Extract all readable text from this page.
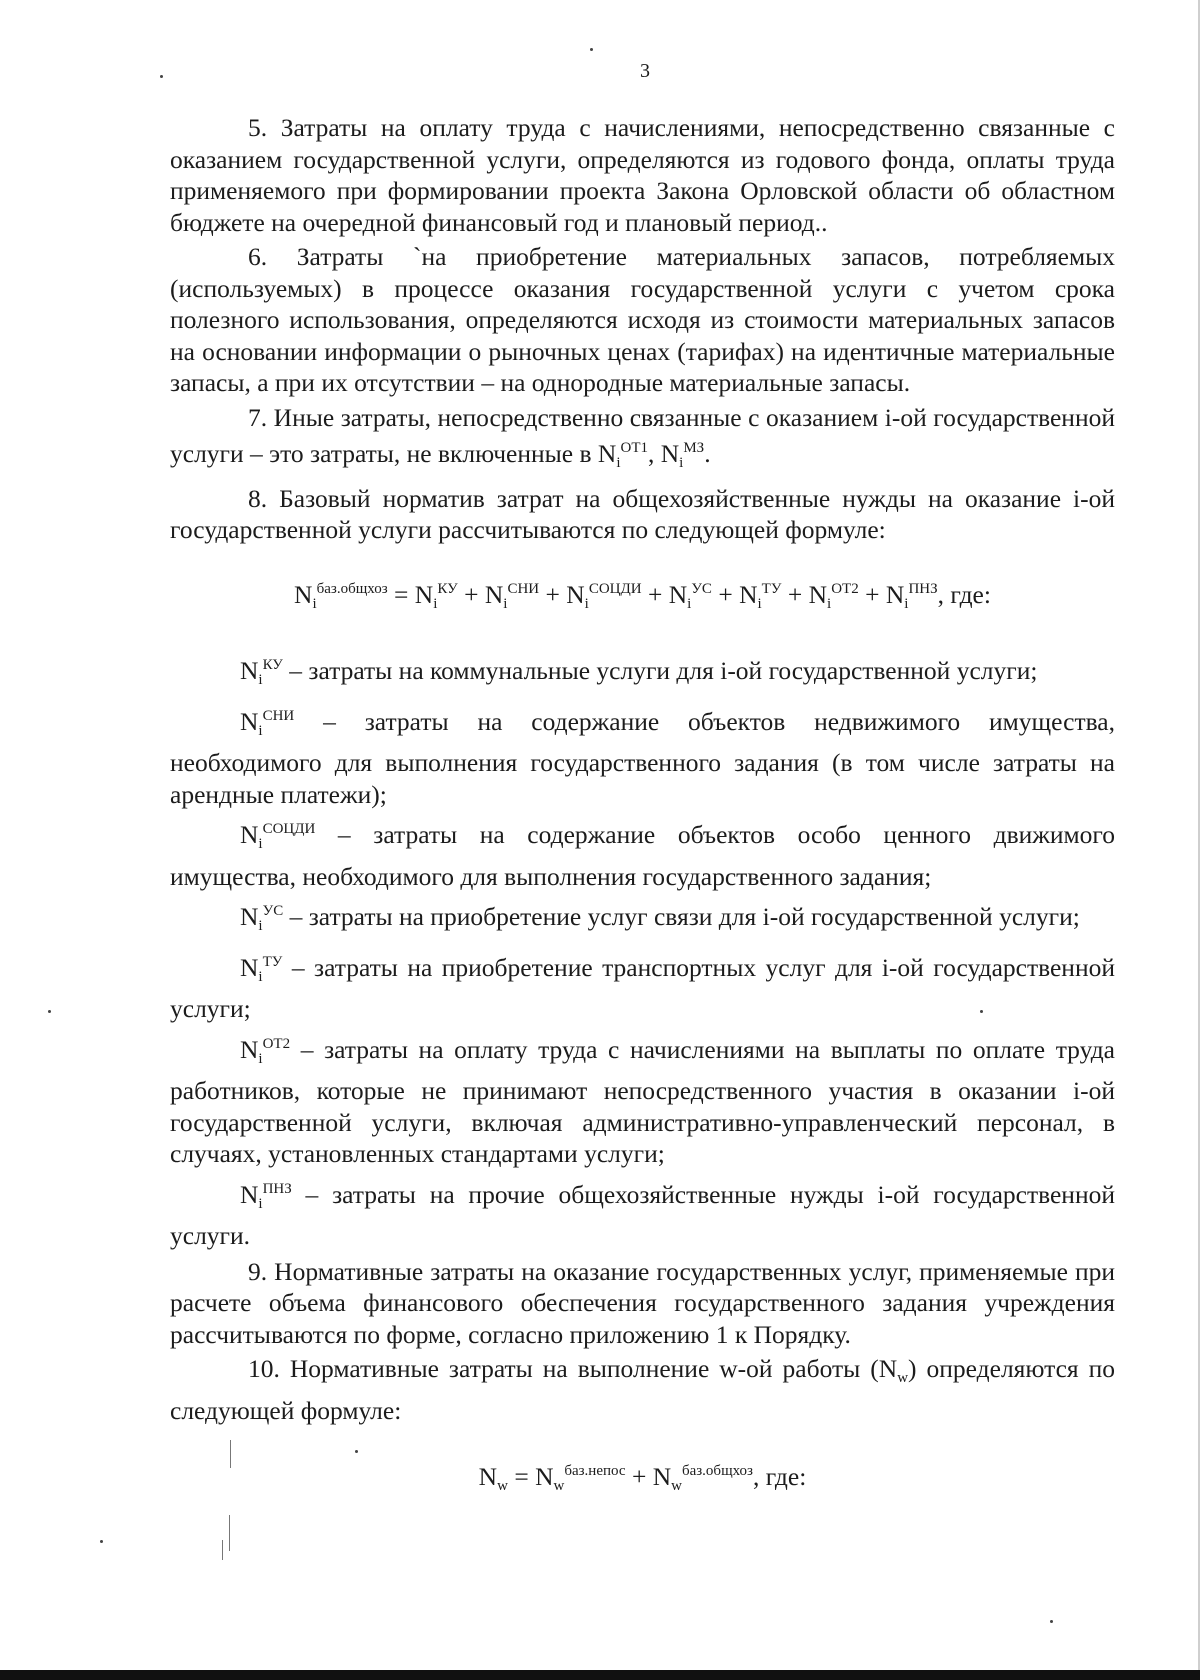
3

5. Затраты на оплату труда с начислениями, непосредственно связанные с оказанием государственной услуги, определяются из годового фонда, оплаты труда применяемого при формировании проекта Закона Орловской области об областном бюджете на очередной финансовый год и плановый период..

6. Затраты `на приобретение материальных запасов, потребляемых (используемых) в процессе оказания государственной услуги с учетом срока полезного использования, определяются исходя из стоимости материальных запасов на основании информации о рыночных ценах (тарифах) на идентичные материальные запасы, а при их отсутствии – на однородные материальные запасы.

7. Иные затраты, непосредственно связанные с оказанием i-ой государственной услуги – это затраты, не включенные в $N_i^{ОТ1}$, $N_i^{МЗ}$.

8. Базовый норматив затрат на общехозяйственные нужды на оказание i-ой государственной услуги рассчитываются по следующей формуле:

$N_i^{баз.общхоз} = N_i^{КУ} + N_i^{СНИ} + N_i^{СОЦДИ} + N_i^{УС} + N_i^{ТУ} + N_i^{ОТ2} + N_i^{ПНЗ}$, где:

$N_i^{КУ}$ – затраты на коммунальные услуги для i-ой государственной услуги;

$N_i^{СНИ}$ – затраты на содержание объектов недвижимого имущества, необходимого для выполнения государственного задания (в том числе затраты на арендные платежи);

$N_i^{СОЦДИ}$ – затраты на содержание объектов особо ценного движимого имущества, необходимого для выполнения государственного задания;

$N_i^{УС}$ – затраты на приобретение услуг связи для i-ой государственной услуги;

$N_i^{ТУ}$ – затраты на приобретение транспортных услуг для i-ой государственной услуги;

$N_i^{ОТ2}$ – затраты на оплату труда с начислениями на выплаты по оплате труда работников, которые не принимают непосредственного участия в оказании i-ой государственной услуги, включая административно-управленческий персонал, в случаях, установленных стандартами услуги;

$N_i^{ПНЗ}$ – затраты на прочие общехозяйственные нужды i-ой государственной услуги.

9. Нормативные затраты на оказание государственных услуг, применяемые при расчете объема финансового обеспечения государственного задания учреждения рассчитываются по форме, согласно приложению 1 к Порядку.

10. Нормативные затраты на выполнение w-ой работы $(N_w)$ определяются по следующей формуле:

$N_w = N_w^{баз.непос} + N_w^{баз.общхоз}$, где:
